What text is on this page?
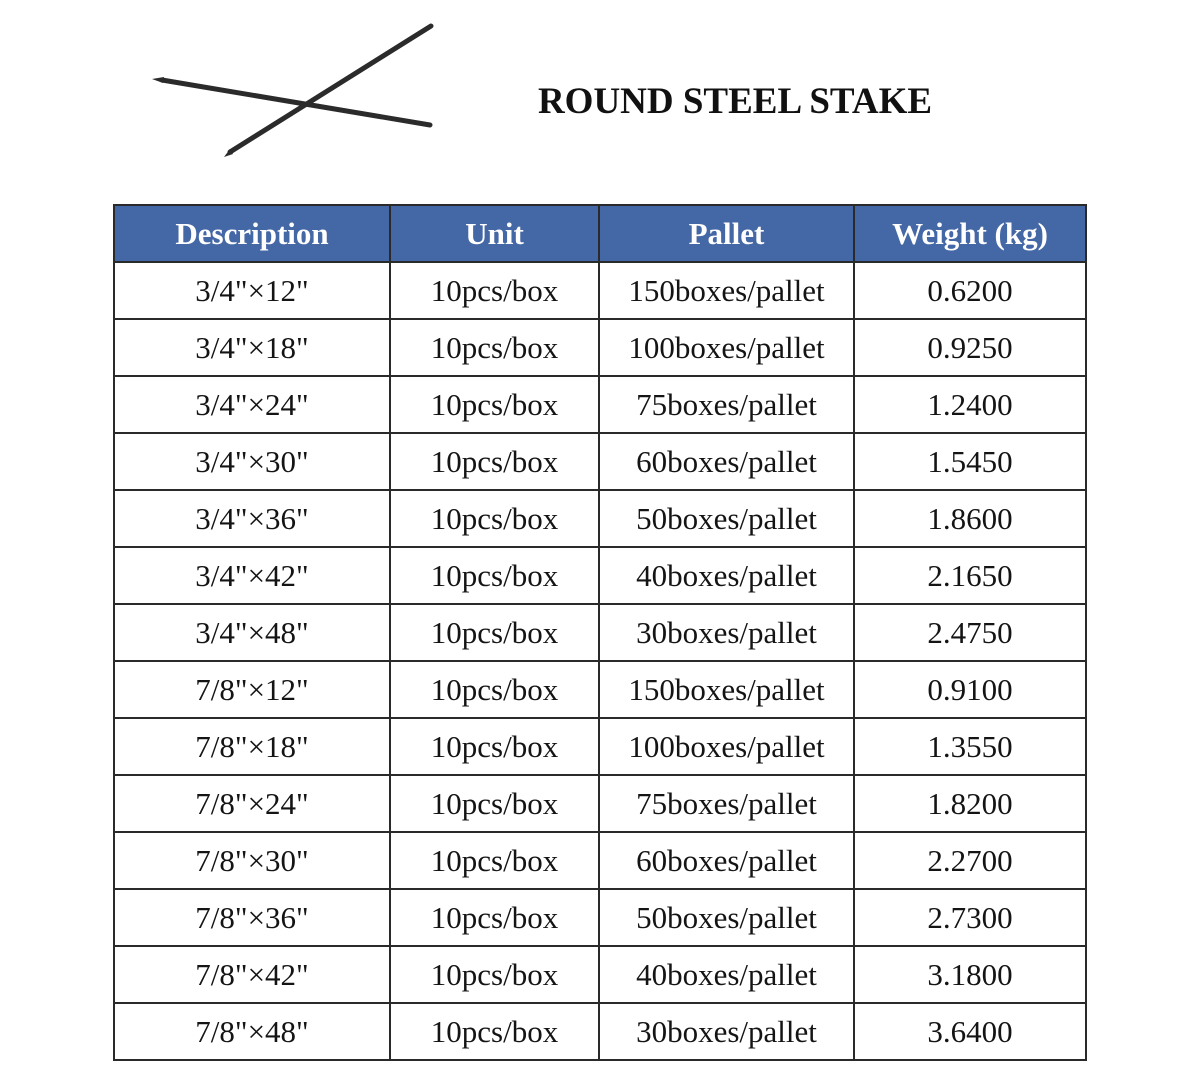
ROUND STEEL STAKE
Description	Unit	Pallet	Weight (kg)
3/4"×12"	10pcs/box	150boxes/pallet	0.6200
3/4"×18"	10pcs/box	100boxes/pallet	0.9250
3/4"×24"	10pcs/box	75boxes/pallet	1.2400
3/4"×30"	10pcs/box	60boxes/pallet	1.5450
3/4"×36"	10pcs/box	50boxes/pallet	1.8600
3/4"×42"	10pcs/box	40boxes/pallet	2.1650
3/4"×48"	10pcs/box	30boxes/pallet	2.4750
7/8"×12"	10pcs/box	150boxes/pallet	0.9100
7/8"×18"	10pcs/box	100boxes/pallet	1.3550
7/8"×24"	10pcs/box	75boxes/pallet	1.8200
7/8"×30"	10pcs/box	60boxes/pallet	2.2700
7/8"×36"	10pcs/box	50boxes/pallet	2.7300
7/8"×42"	10pcs/box	40boxes/pallet	3.1800
7/8"×48"	10pcs/box	30boxes/pallet	3.6400
